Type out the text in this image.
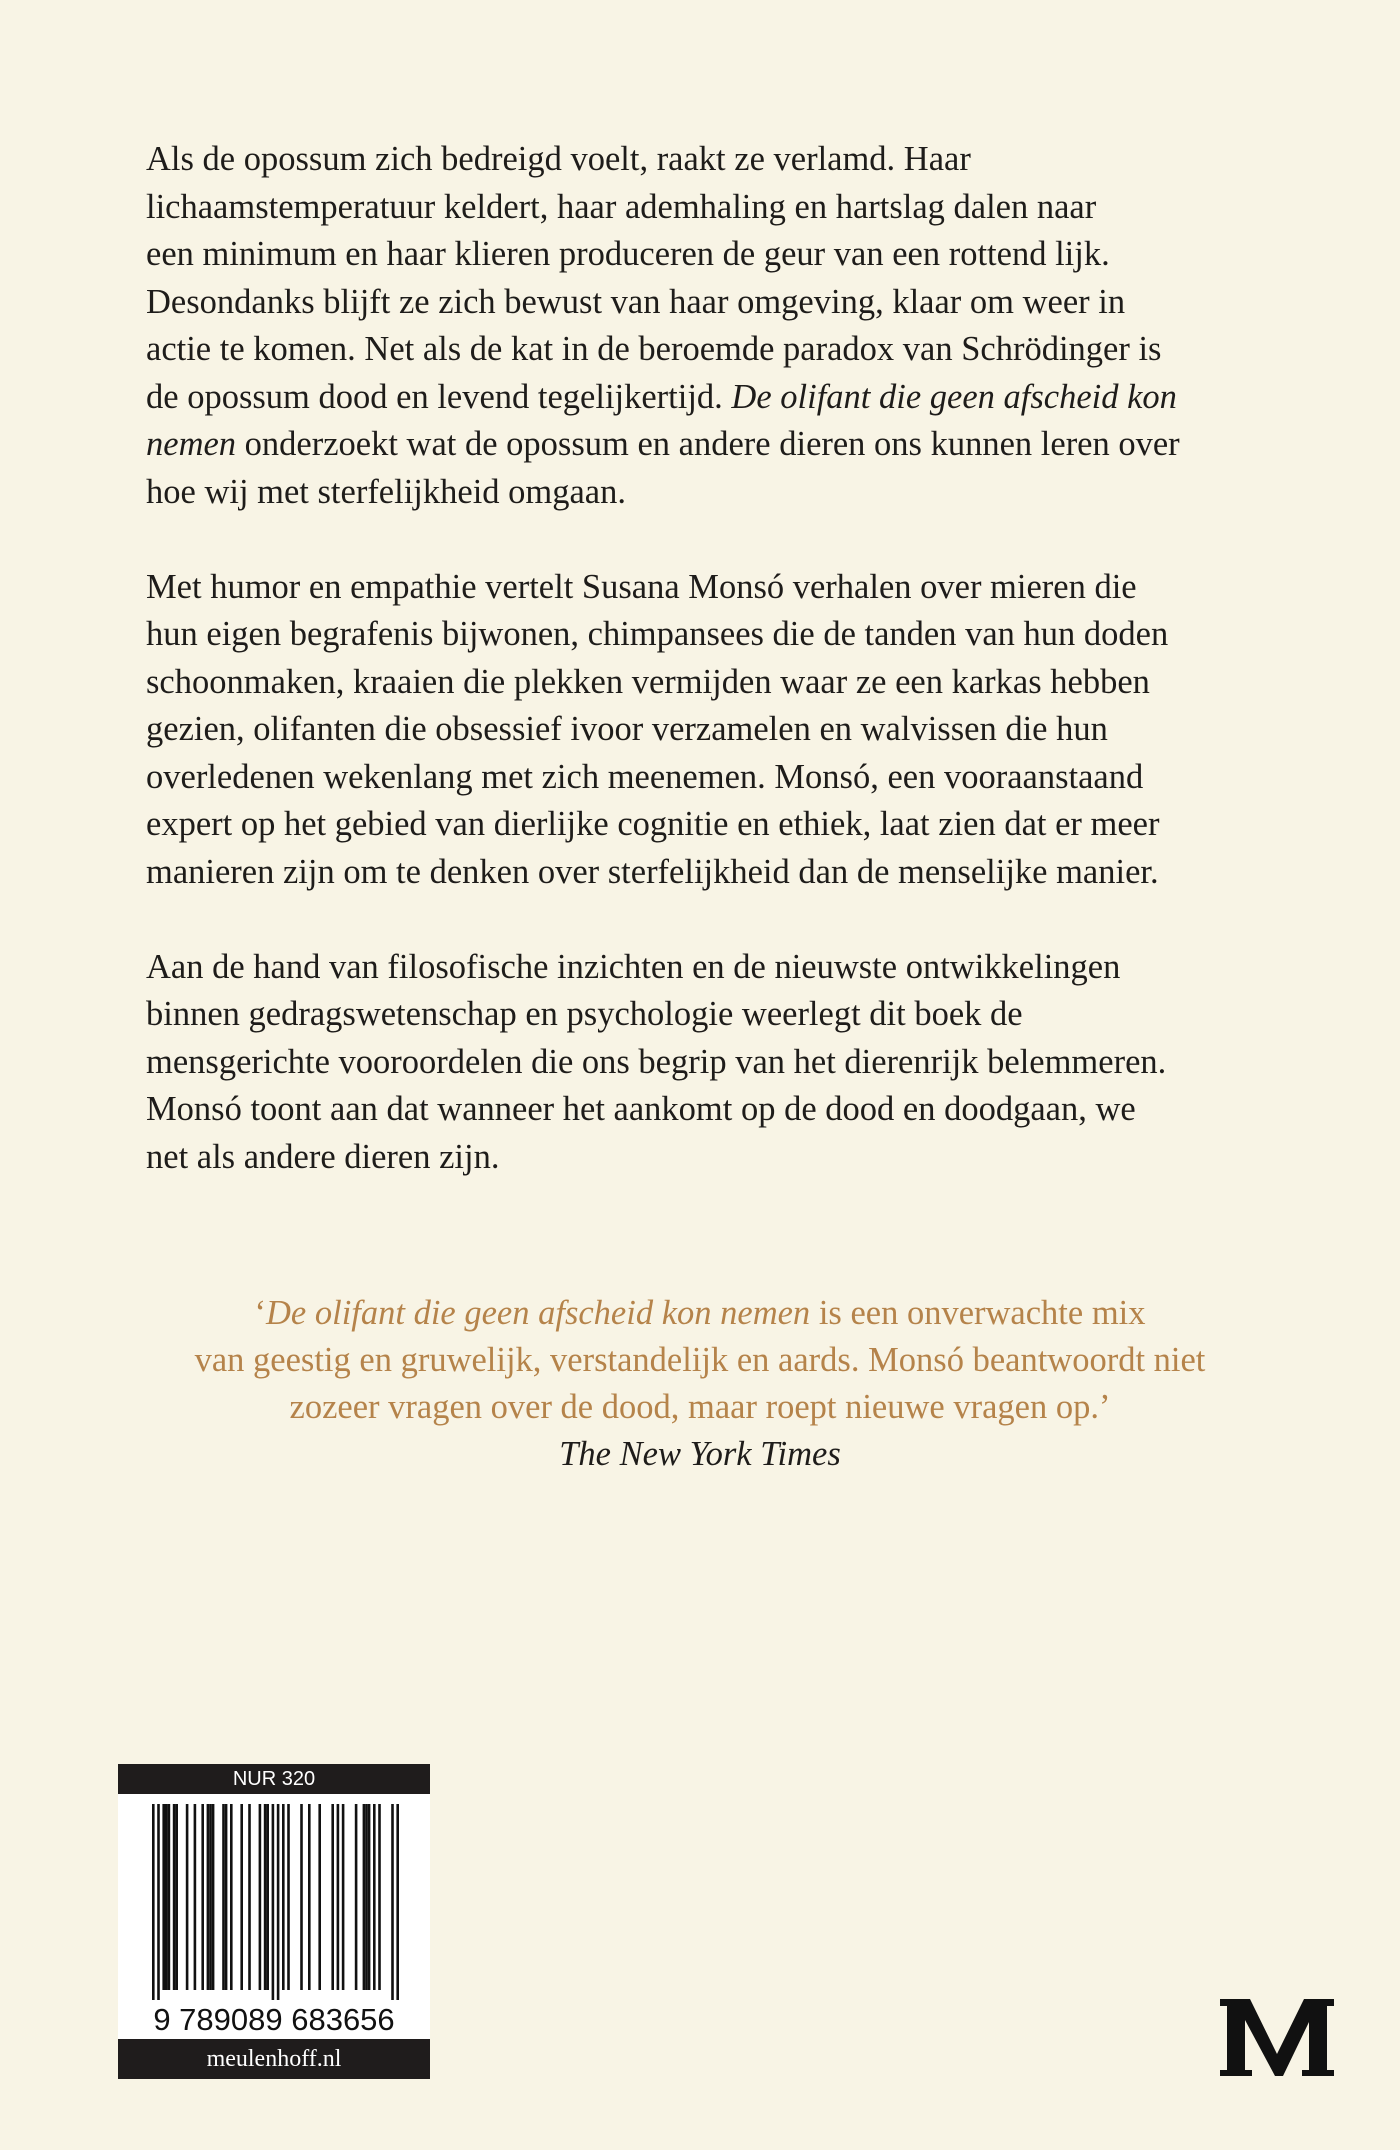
Als de opossum zich bedreigd voelt, raakt ze verlamd. Haar
lichaamstemperatuur keldert, haar ademhaling en hartslag dalen naar
een minimum en haar klieren produceren de geur van een rottend lijk.
Desondanks blijft ze zich bewust van haar omgeving, klaar om weer in
actie te komen. Net als de kat in de beroemde paradox van Schrödinger is
de opossum dood en levend tegelijkertijd. De olifant die geen afscheid kon
nemen onderzoekt wat de opossum en andere dieren ons kunnen leren over
hoe wij met sterfelijkheid omgaan.

Met humor en empathie vertelt Susana Monsó verhalen over mieren die
hun eigen begrafenis bijwonen, chimpansees die de tanden van hun doden
schoonmaken, kraaien die plekken vermijden waar ze een karkas hebben
gezien, olifanten die obsessief ivoor verzamelen en walvissen die hun
overledenen wekenlang met zich meenemen. Monsó, een vooraanstaand
expert op het gebied van dierlijke cognitie en ethiek, laat zien dat er meer
manieren zijn om te denken over sterfelijkheid dan de menselijke manier.

Aan de hand van filosofische inzichten en de nieuwste ontwikkelingen
binnen gedragswetenschap en psychologie weerlegt dit boek de
mensgerichte vooroordelen die ons begrip van het dierenrijk belemmeren.
Monsó toont aan dat wanneer het aankomt op de dood en doodgaan, we
net als andere dieren zijn.

‘De olifant die geen afscheid kon nemen is een onverwachte mix
van geestig en gruwelijk, verstandelijk en aards. Monsó beantwoordt niet
zozeer vragen over de dood, maar roept nieuwe vragen op.’
The New York Times
NUR 320
9 789089 683656
meulenhoff.nl
